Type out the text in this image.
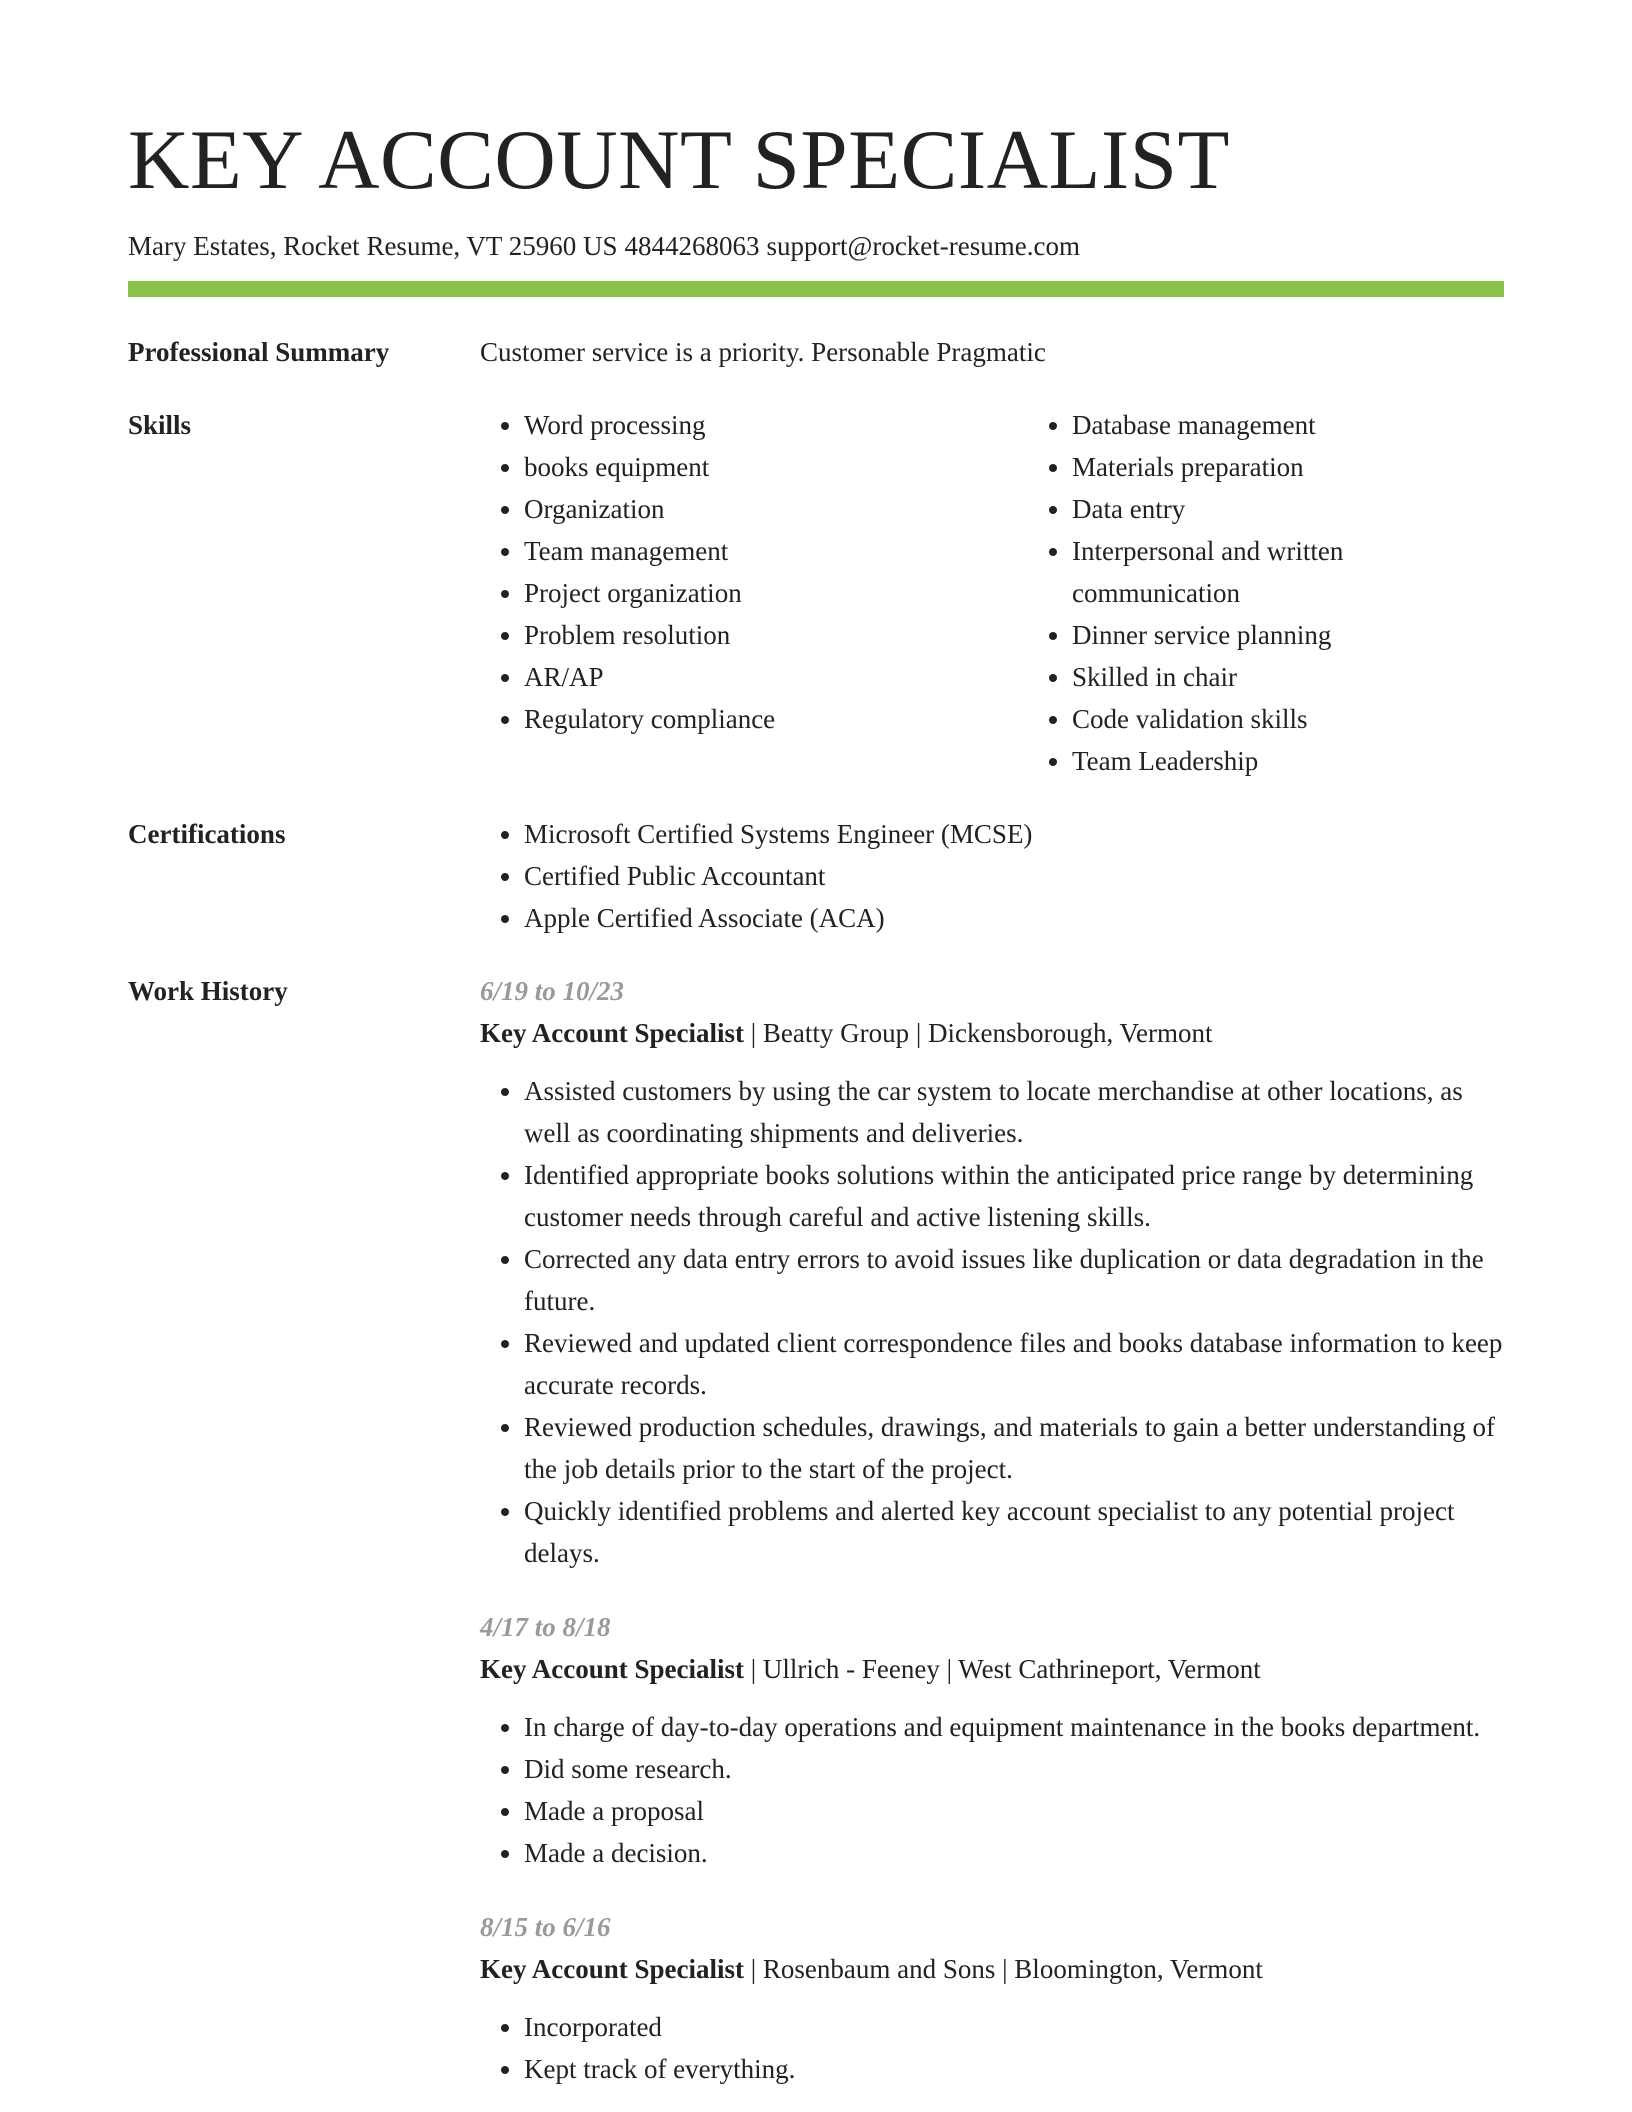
KEY ACCOUNT SPECIALIST
Mary Estates, Rocket Resume, VT 25960 US 4844268063 support@rocket-resume.com
Professional Summary	Customer service is a priority. Personable Pragmatic
Skills	• Word processing
• books equipment
• Organization
• Team management
• Project organization
• Problem resolution
• AR/AP
• Regulatory compliance
• Database management
• Materials preparation
• Data entry
• Interpersonal and written communication
• Dinner service planning
• Skilled in chair
• Code validation skills
• Team Leadership
Certifications	• Microsoft Certified Systems Engineer (MCSE)
• Certified Public Accountant
• Apple Certified Associate (ACA)
Work History	6/19 to 10/23
Key Account Specialist | Beatty Group | Dickensborough, Vermont
• Assisted customers by using the car system to locate merchandise at other locations, as well as coordinating shipments and deliveries.
• Identified appropriate books solutions within the anticipated price range by determining customer needs through careful and active listening skills.
• Corrected any data entry errors to avoid issues like duplication or data degradation in the future.
• Reviewed and updated client correspondence files and books database information to keep accurate records.
• Reviewed production schedules, drawings, and materials to gain a better understanding of the job details prior to the start of the project.
• Quickly identified problems and alerted key account specialist to any potential project delays.
4/17 to 8/18
Key Account Specialist | Ullrich - Feeney | West Cathrineport, Vermont
• In charge of day-to-day operations and equipment maintenance in the books department.
• Did some research.
• Made a proposal
• Made a decision.
8/15 to 6/16
Key Account Specialist | Rosenbaum and Sons | Bloomington, Vermont
• Incorporated
• Kept track of everything.
